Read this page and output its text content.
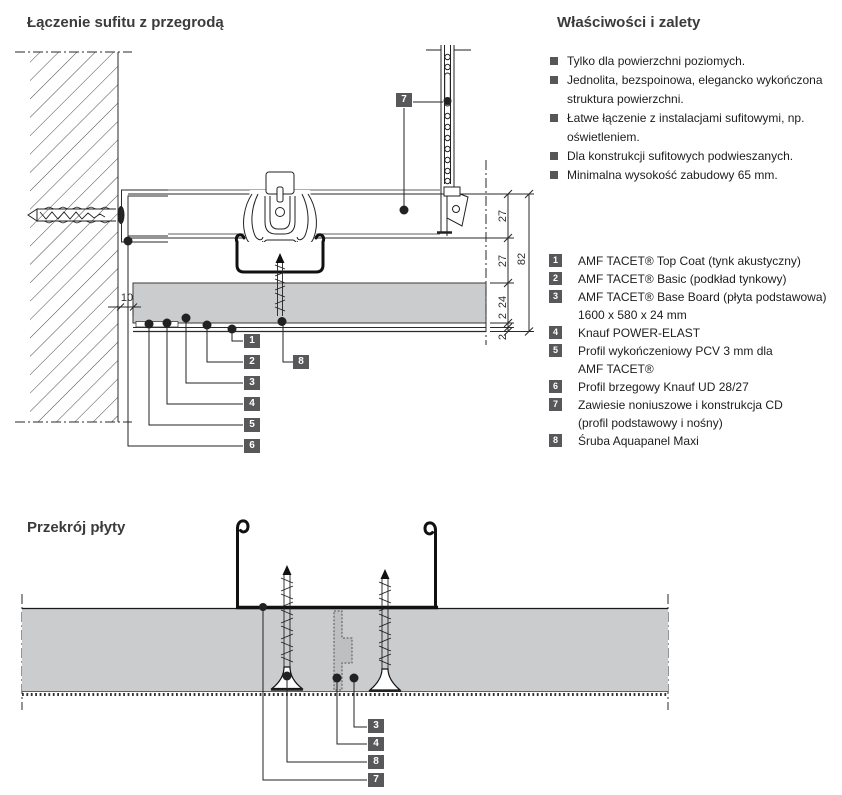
Łączenie sufitu z przegrodą	Właściwości i zalety
Przekrój płyty
Tylko dla powierzchni poziomych.
Jednolita, bezspoinowa, elegancko wykończona
struktura powierzchni.
Łatwe łączenie z instalacjami sufitowymi, np.
oświetleniem.
Dla konstrukcji sufitowych podwieszanych.
Minimalna wysokość zabudowy 65 mm.
1	AMF TACET® Top Coat (tynk akustyczny)
2	AMF TACET® Basic (podkład tynkowy)
3	AMF TACET® Base Board (płyta podstawowa)
1600 x 580 x 24 mm
4	Knauf POWER-ELAST
5	Profil wykończeniowy PCV 3 mm dla
AMF TACET®
6	Profil brzegowy Knauf UD 28/27
7	Zawiesie noniuszowe i konstrukcja CD
(profil podstawowy i nośny)
8	Śruba Aquapanel Maxi
27
27
24
2
2
82
10
1
2
3
4
5
6
7
8
3
4
8
7
